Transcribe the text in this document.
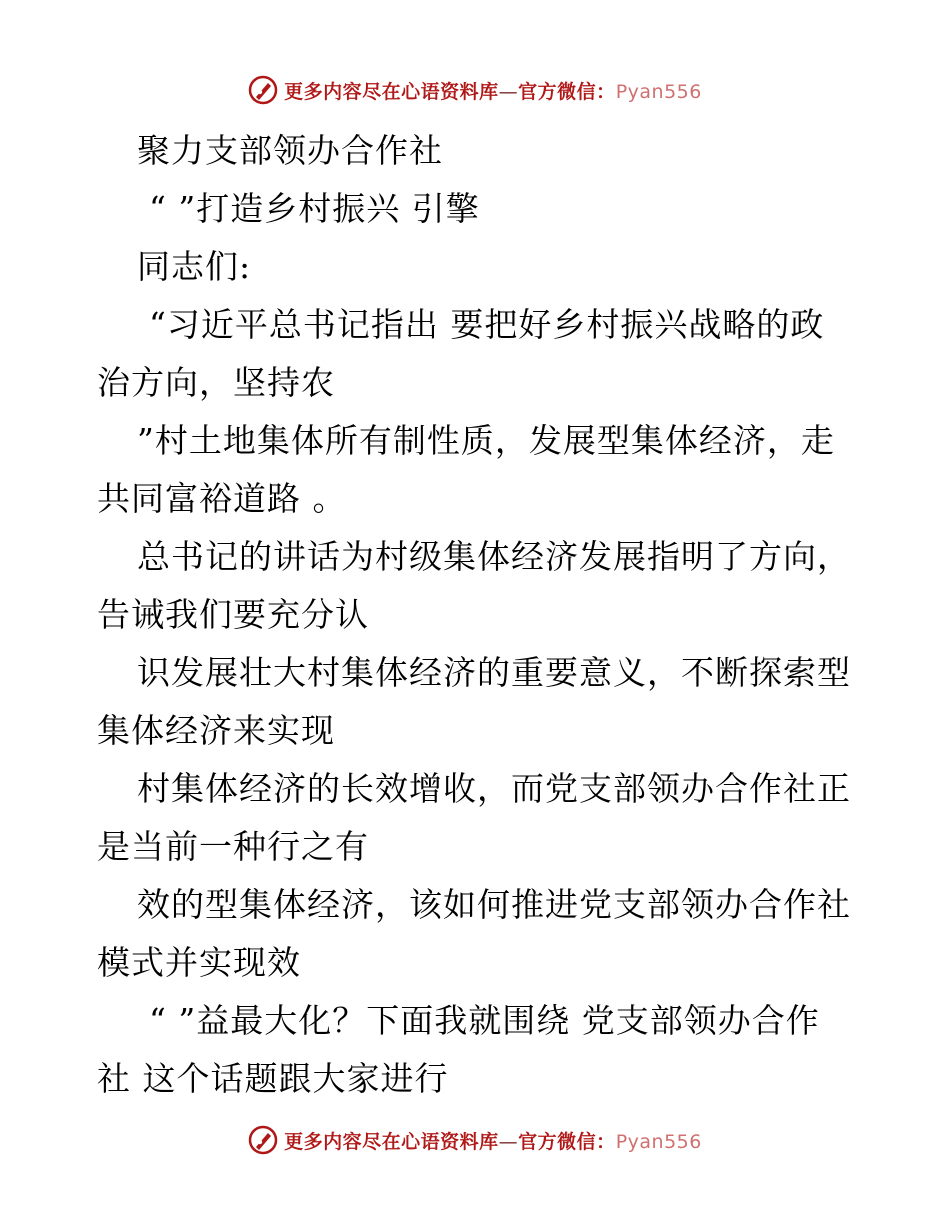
更多内容尽在心语资料库—官方微信：Pyan556
聚力支部领办合作社
“ ”打造乡村振兴 引擎
同志们:
“习近平总书记指出 要把好乡村振兴战略的政
治方向，坚持农
”村土地集体所有制性质，发展型集体经济，走
共同富裕道路 。
总书记的讲话为村级集体经济发展指明了方向，
告诫我们要充分认
识发展壮大村集体经济的重要意义，不断探索型
集体经济来实现
村集体经济的长效增收，而党支部领办合作社正
是当前一种行之有
效的型集体经济，该如何推进党支部领办合作社
模式并实现效
“ ”益最大化？下面我就围绕 党支部领办合作
社 这个话题跟大家进行
更多内容尽在心语资料库—官方微信：Pyan556
